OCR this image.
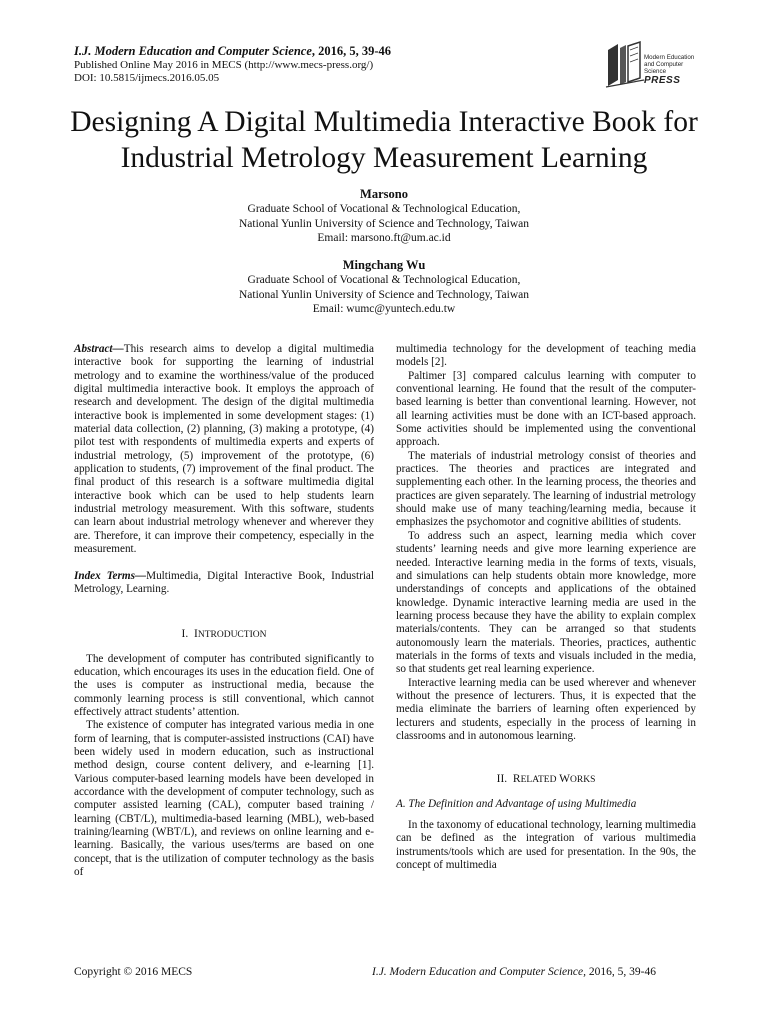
I.J. Modern Education and Computer Science, 2016, 5, 39-46
Published Online May 2016 in MECS (http://www.mecs-press.org/)
DOI: 10.5815/ijmecs.2016.05.05
Modern Education
and Computer Science
PRESS
Designing A Digital Multimedia Interactive Book for Industrial Metrology Measurement Learning
Marsono
Graduate School of Vocational & Technological Education,
National Yunlin University of Science and Technology, Taiwan
Email: marsono.ft@um.ac.id
Mingchang Wu
Graduate School of Vocational & Technological Education,
National Yunlin University of Science and Technology, Taiwan
Email: wumc@yuntech.edu.tw

Abstract—This research aims to develop a digital multimedia interactive book for supporting the learning of industrial metrology and to examine the worthiness/value of the produced digital multimedia interactive book. It employs the approach of research and development. The design of the digital multimedia interactive book is implemented in some development stages: (1) material data collection, (2) planning, (3) making a prototype, (4) pilot test with respondents of multimedia experts and experts of industrial metrology, (5) improvement of the prototype, (6) application to students, (7) improvement of the final product. The final product of this research is a software multimedia digital interactive book which can be used to help students learn industrial metrology measurement. With this software, students can learn about industrial metrology whenever and wherever they are. Therefore, it can improve their competency, especially in the measurement.

Index Terms—Multimedia, Digital Interactive Book, Industrial Metrology, Learning.

I. INTRODUCTION

The development of computer has contributed significantly to education, which encourages its uses in the education field. One of the uses is computer as instructional media, because the commonly learning process is still conventional, which cannot effectively attract students’ attention.

The existence of computer has integrated various media in one form of learning, that is computer-assisted instructions (CAI) have been widely used in modern education, such as instructional method design, course content delivery, and e-learning [1]. Various computer-based learning models have been developed in accordance with the development of computer technology, such as computer assisted learning (CAL), computer based training / learning (CBT/L), multimedia-based learning (MBL), web-based training/learning (WBT/L), and reviews on online learning and e-learning. Basically, the various uses/terms are based on one concept, that is the utilization of computer technology as the basis of

multimedia technology for the development of teaching media models [2].

Paltimer [3] compared calculus learning with computer to conventional learning. He found that the result of the computer-based learning is better than conventional learning. However, not all learning activities must be done with an ICT-based approach. Some activities should be implemented using the conventional approach.

The materials of industrial metrology consist of theories and practices. The theories and practices are integrated and supplementing each other. In the learning process, the theories and practices are given separately. The learning of industrial metrology should make use of many teaching/learning media, because it emphasizes the psychomotor and cognitive abilities of students.

To address such an aspect, learning media which cover students’ learning needs and give more learning experience are needed. Interactive learning media in the forms of texts, visuals, and simulations can help students obtain more knowledge, more understandings of concepts and applications of the obtained knowledge. Dynamic interactive learning media are used in the learning process because they have the ability to explain complex materials/contents. They can be arranged so that students autonomously learn the materials. Theories, practices, authentic materials in the forms of texts and visuals included in the media, so that students get real learning experience.

Interactive learning media can be used wherever and whenever without the presence of lecturers. Thus, it is expected that the media eliminate the barriers of learning often experienced by lecturers and students, especially in the process of learning in classrooms and in autonomous learning.

II. RELATED WORKS
A. The Definition and Advantage of using Multimedia

In the taxonomy of educational technology, learning multimedia can be defined as the integration of various multimedia instruments/tools which are used for presentation. In the 90s, the concept of multimedia

Copyright © 2016 MECS	I.J. Modern Education and Computer Science, 2016, 5, 39-46
